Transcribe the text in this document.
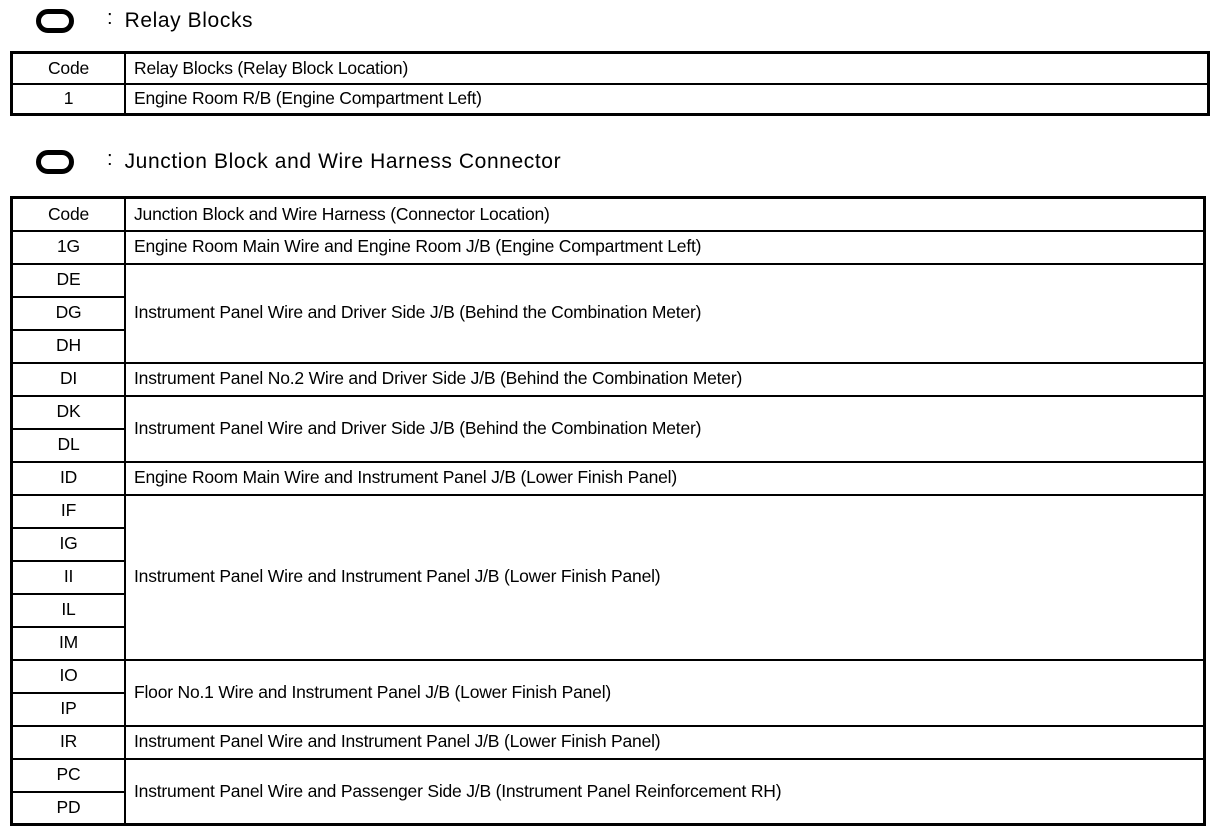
: Relay Blocks
Code	Relay Blocks (Relay Block Location)
1	Engine Room R/B (Engine Compartment Left)
: Junction Block and Wire Harness Connector
Code	Junction Block and Wire Harness (Connector Location)
1G	Engine Room Main Wire and Engine Room J/B (Engine Compartment Left)
DE	Instrument Panel Wire and Driver Side J/B (Behind the Combination Meter)
DG	
DH	
DI	Instrument Panel No.2 Wire and Driver Side J/B (Behind the Combination Meter)
DK	Instrument Panel Wire and Driver Side J/B (Behind the Combination Meter)
DL	
ID	Engine Room Main Wire and Instrument Panel J/B (Lower Finish Panel)
IF	Instrument Panel Wire and Instrument Panel J/B (Lower Finish Panel)
IG	
II	
IL	
IM	
IO	Floor No.1 Wire and Instrument Panel J/B (Lower Finish Panel)
IP	
IR	Instrument Panel Wire and Instrument Panel J/B (Lower Finish Panel)
PC	Instrument Panel Wire and Passenger Side J/B (Instrument Panel Reinforcement RH)
PD	
